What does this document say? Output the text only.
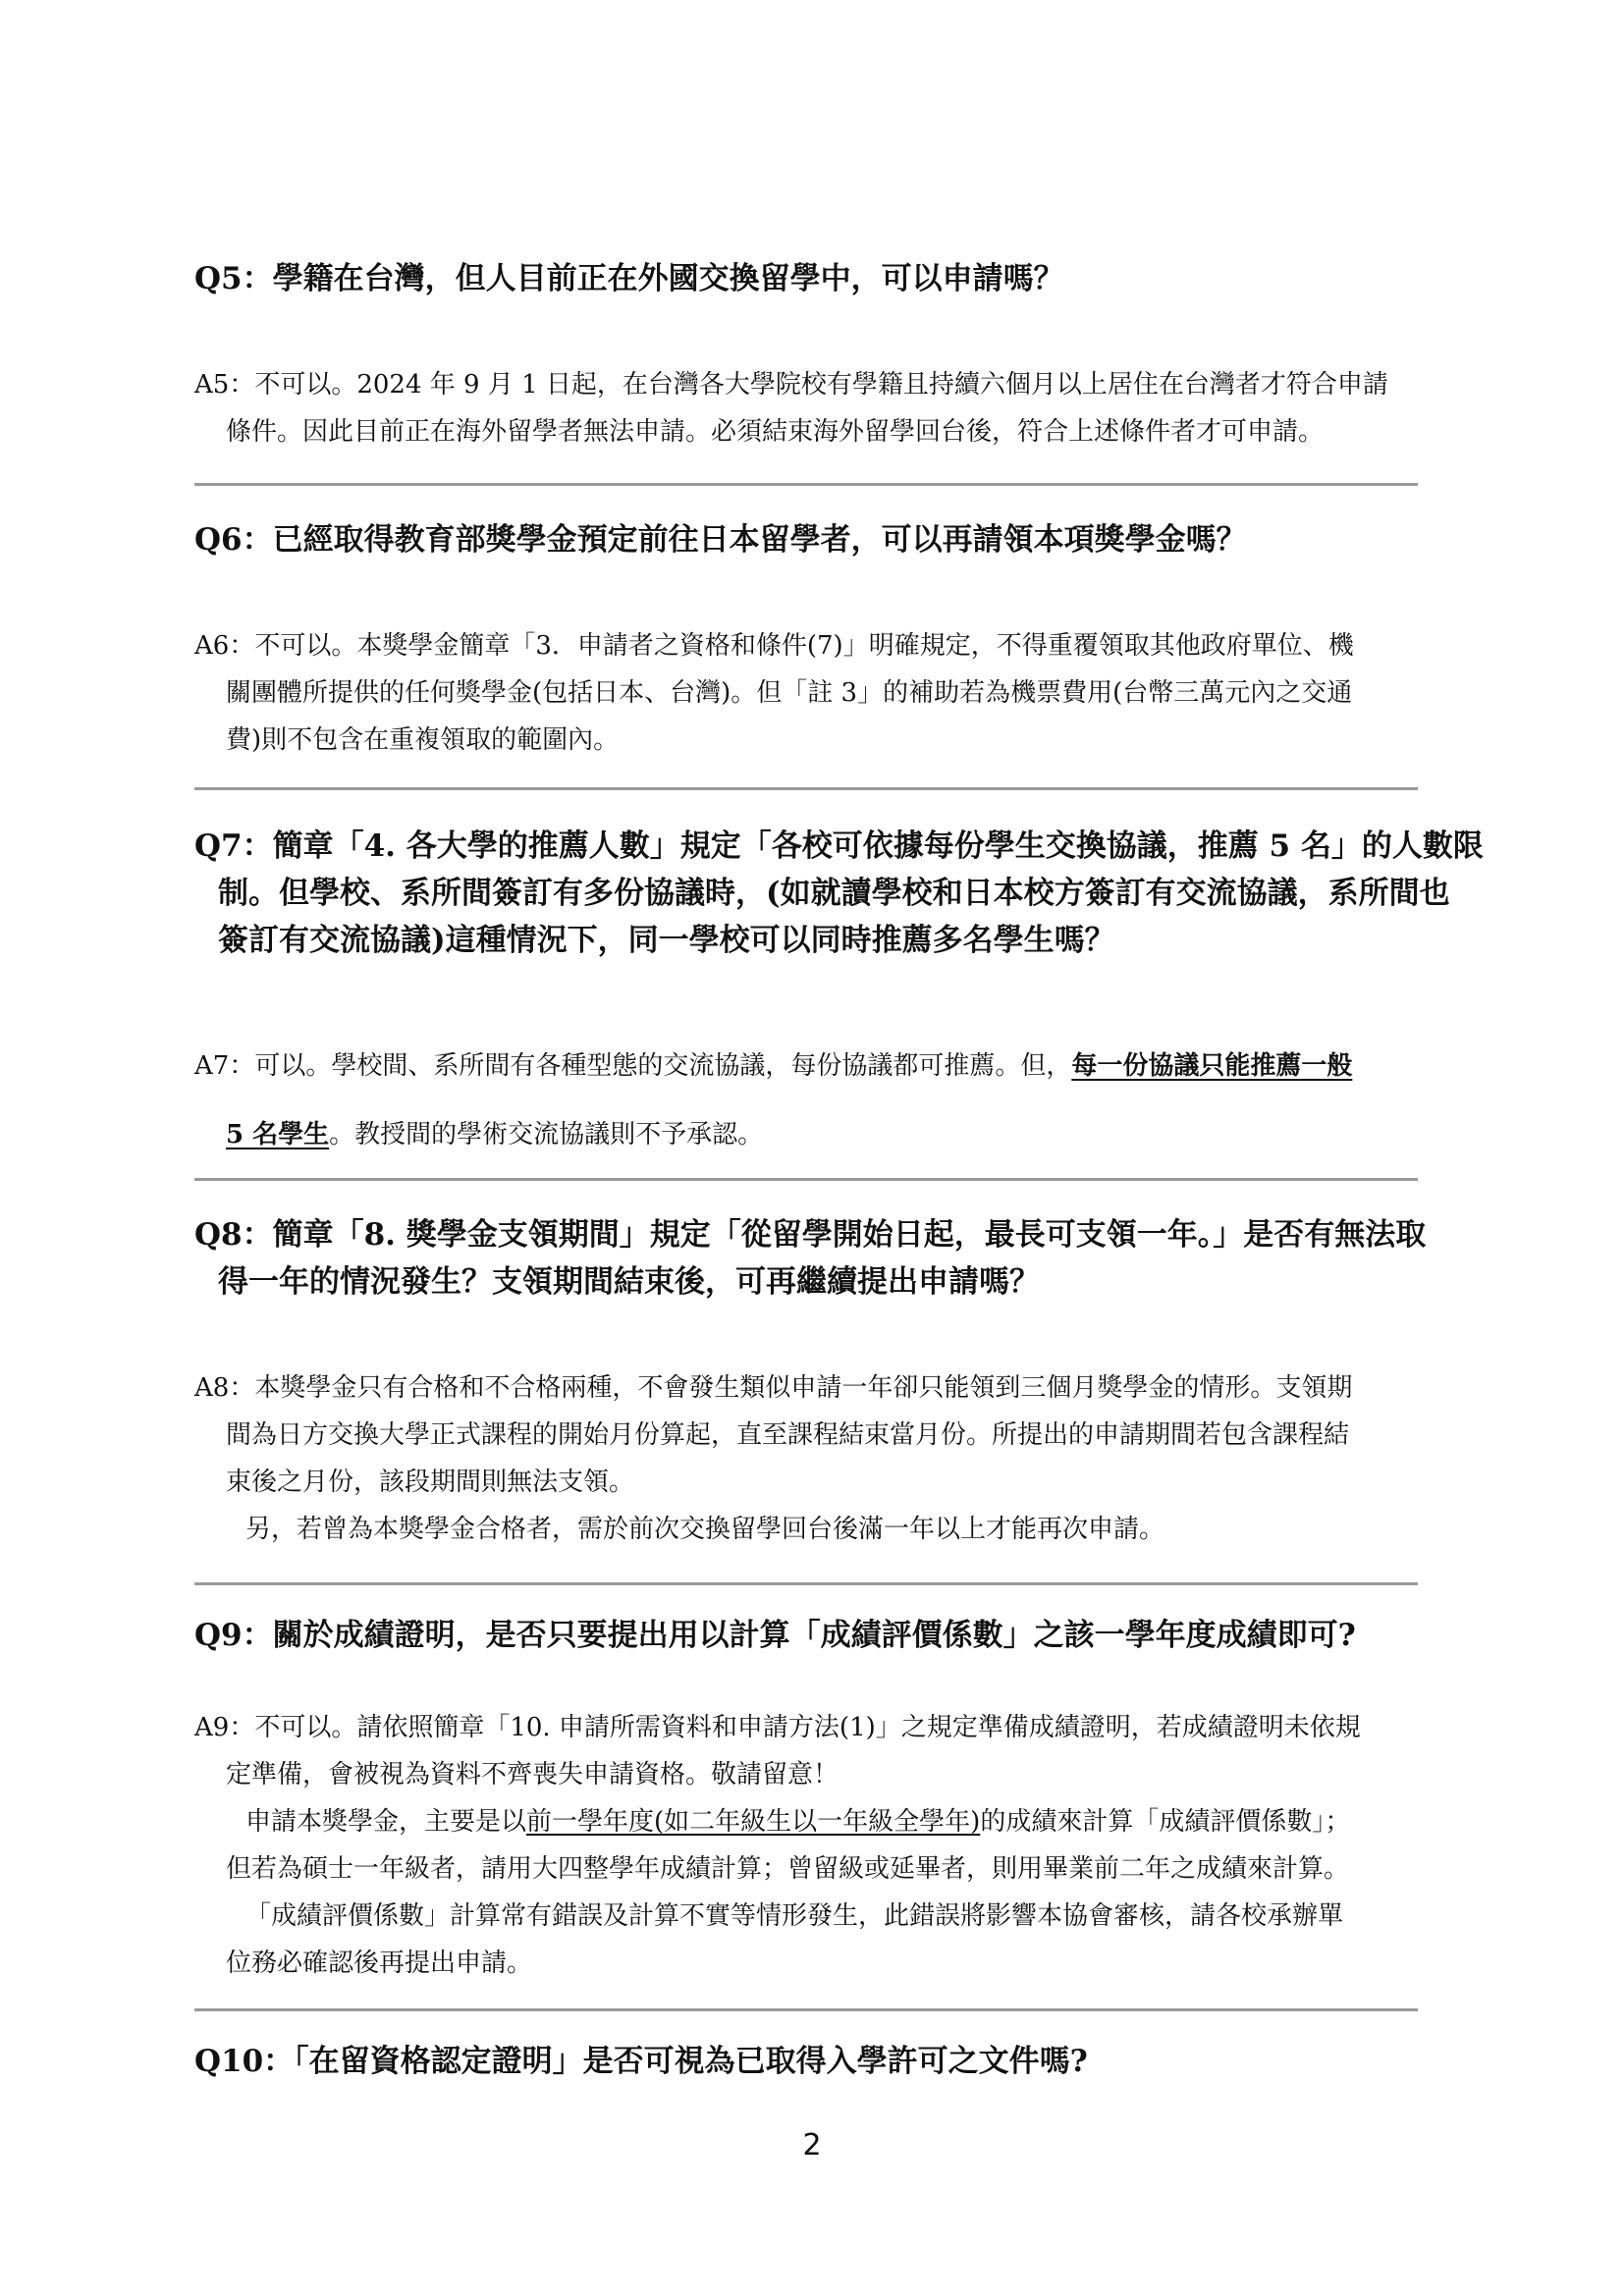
Q5：學籍在台灣，但人目前正在外國交換留學中，可以申請嗎？
A5：不可以。2024 年 9 月 1 日起，在台灣各大學院校有學籍且持續六個月以上居住在台灣者才符合申請
條件。因此目前正在海外留學者無法申請。必須結束海外留學回台後，符合上述條件者才可申請。
Q6：已經取得教育部獎學金預定前往日本留學者，可以再請領本項獎學金嗎？
A6：不可以。本獎學金簡章「3．申請者之資格和條件(7)」明確規定，不得重覆領取其他政府單位、機
關團體所提供的任何獎學金(包括日本、台灣)。但「註 3」的補助若為機票費用(台幣三萬元內之交通
費)則不包含在重複領取的範圍內。
Q7：簡章「4. 各大學的推薦人數」規定「各校可依據每份學生交換協議，推薦 5 名」的人數限
制。但學校、系所間簽訂有多份協議時，(如就讀學校和日本校方簽訂有交流協議，系所間也
簽訂有交流協議)這種情況下，同一學校可以同時推薦多名學生嗎？
A7：可以。學校間、系所間有各種型態的交流協議，每份協議都可推薦。但，每一份協議只能推薦一般
5 名學生。教授間的學術交流協議則不予承認。
Q8：簡章「8. 獎學金支領期間」規定「從留學開始日起，最長可支領一年。」是否有無法取
得一年的情況發生？支領期間結束後，可再繼續提出申請嗎？
A8：本獎學金只有合格和不合格兩種，不會發生類似申請一年卻只能領到三個月獎學金的情形。支領期
間為日方交換大學正式課程的開始月份算起，直至課程結束當月份。所提出的申請期間若包含課程結
束後之月份，該段期間則無法支領。
另，若曾為本獎學金合格者，需於前次交換留學回台後滿一年以上才能再次申請。
Q9：關於成績證明，是否只要提出用以計算「成績評價係數」之該一學年度成績即可?
A9：不可以。請依照簡章「10. 申請所需資料和申請方法(1)」之規定準備成績證明，若成績證明未依規
定準備，會被視為資料不齊喪失申請資格。敬請留意！
申請本獎學金，主要是以前一學年度(如二年級生以一年級全學年)的成績來計算「成績評價係數」；
但若為碩士一年級者，請用大四整學年成績計算；曾留級或延畢者，則用畢業前二年之成績來計算。
「成績評價係數」計算常有錯誤及計算不實等情形發生，此錯誤將影響本協會審核，請各校承辦單
位務必確認後再提出申請。
Q10：「在留資格認定證明」是否可視為已取得入學許可之文件嗎?
2
